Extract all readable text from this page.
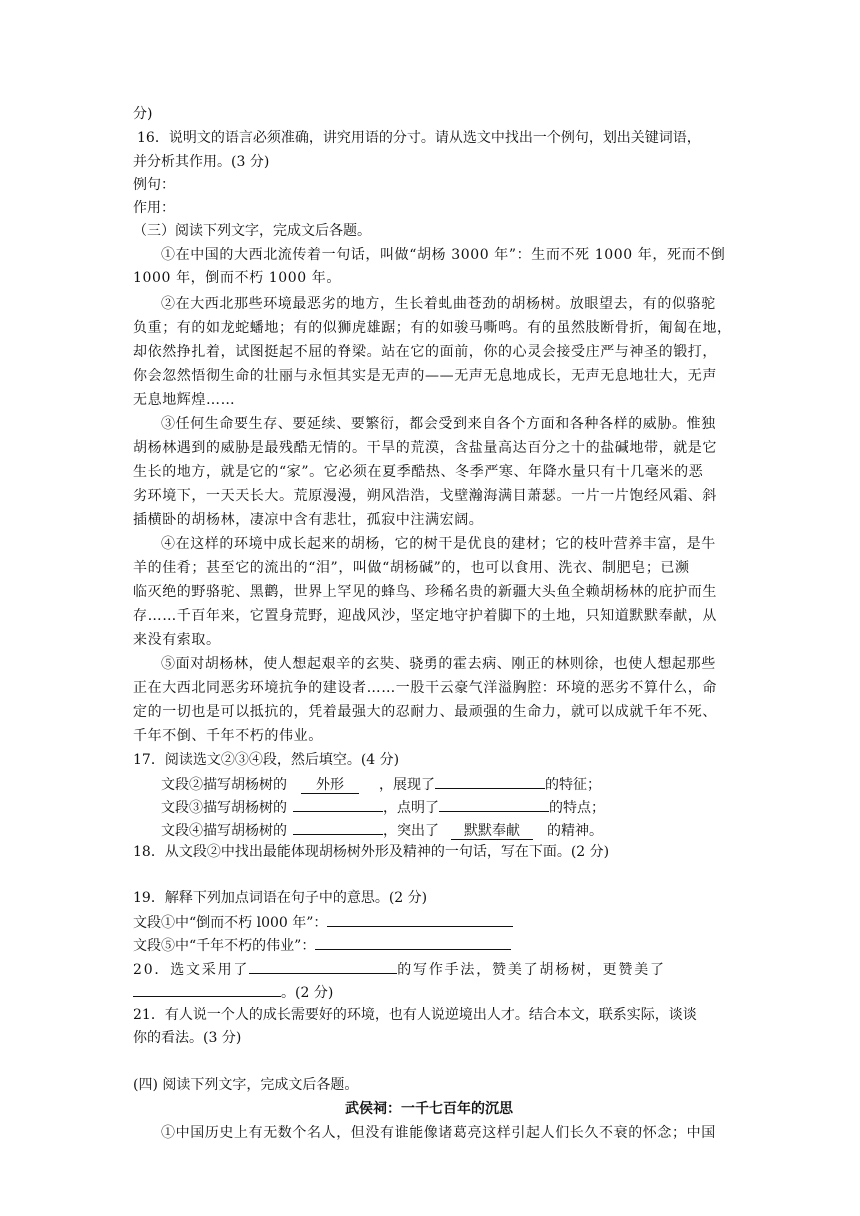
分)
16．说明文的语言必须准确，讲究用语的分寸。请从选文中找出一个例句，划出关键词语，
并分析其作用。(3 分)
例句：
作用：
（三）阅读下列文字，完成文后各题。
①在中国的大西北流传着一句话，叫做“胡杨 3000 年”：生而不死 1000 年，死而不倒
1000 年，倒而不朽 1000 年。
②在大西北那些环境最恶劣的地方，生长着虬曲苍劲的胡杨树。放眼望去，有的似骆驼
负重；有的如龙蛇蟠地；有的似狮虎雄踞；有的如骏马嘶鸣。有的虽然肢断骨折，匍匐在地，
却依然挣扎着，试图挺起不屈的脊梁。站在它的面前，你的心灵会接受庄严与神圣的锻打，
你会忽然悟彻生命的壮丽与永恒其实是无声的——无声无息地成长，无声无息地壮大，无声
无息地辉煌……
③任何生命要生存、要延续、要繁衍，都会受到来自各个方面和各种各样的威胁。惟独
胡杨林遇到的威胁是最残酷无情的。干旱的荒漠，含盐量高达百分之十的盐碱地带，就是它
生长的地方，就是它的“家”。它必须在夏季酷热、冬季严寒、年降水量只有十几毫米的恶
劣环境下，一天天长大。荒原漫漫，朔风浩浩，戈壁瀚海满目萧瑟。一片一片饱经风霜、斜
插横卧的胡杨林，凄凉中含有悲壮，孤寂中注满宏阔。
④在这样的环境中成长起来的胡杨，它的树干是优良的建材；它的枝叶营养丰富，是牛
羊的佳肴；甚至它的流出的“泪”，叫做“胡杨碱”的，也可以食用、洗衣、制肥皂；已濒
临灭绝的野骆驼、黑鹳，世界上罕见的蜂鸟、珍稀名贵的新疆大头鱼全赖胡杨林的庇护而生
存……千百年来，它置身荒野，迎战风沙，坚定地守护着脚下的土地，只知道默默奉献，从
来没有索取。
⑤面对胡杨林，使人想起艰辛的玄奘、骁勇的霍去病、刚正的林则徐，也使人想起那些
正在大西北同恶劣环境抗争的建设者……一股干云豪气洋溢胸腔：环境的恶劣不算什么，命
定的一切也是可以抵抗的，凭着最强大的忍耐力、最顽强的生命力，就可以成就千年不死、
千年不倒、千年不朽的伟业。
17．阅读选文②③④段，然后填空。(4 分)
文段②描写胡杨树的 外形	，展现了	的特征；
文段③描写胡杨树的	，点明了	的特点；
文段④描写胡杨树的	，突出了 默默奉献 的精神。
18．从文段②中找出最能体现胡杨树外形及精神的一句话，写在下面。(2 分)
19．解释下列加点词语在句子中的意思。(2 分)
文段①中“倒而不朽 l000 年”：
文段⑤中“千年不朽的伟业”：
20．选文采用了	的写作手法，赞美了胡杨树，更赞美了
。(2 分)
21．有人说一个人的成长需要好的环境，也有人说逆境出人才。结合本文，联系实际，谈谈
你的看法。(3 分)
(四) 阅读下列文字，完成文后各题。
武侯祠：一千七百年的沉思
①中国历史上有无数个名人，但没有谁能像诸葛亮这样引起人们长久不衰的怀念；中国
